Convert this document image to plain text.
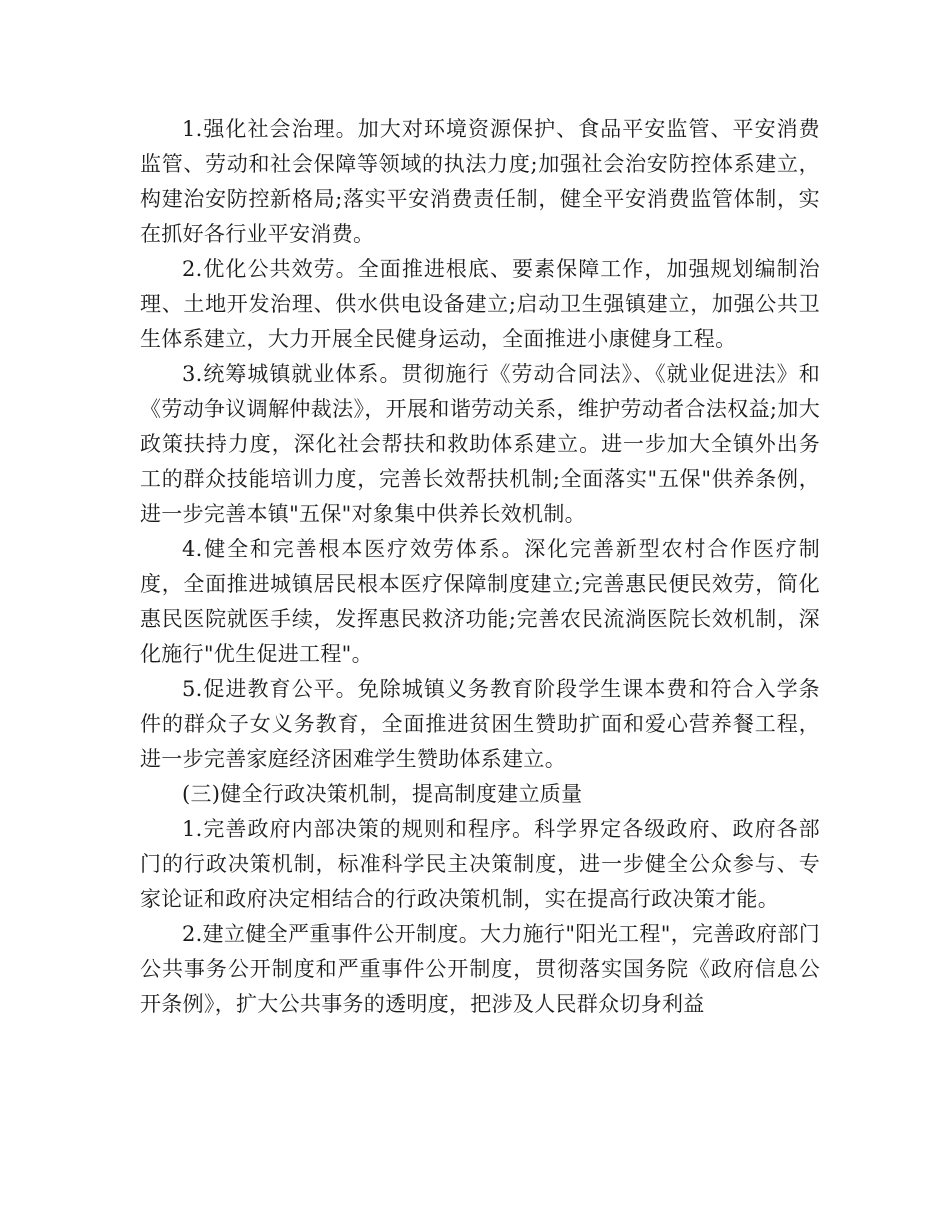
1.强化社会治理。加大对环境资源保护、食品平安监管、平安消费监管、劳动和社会保障等领域的执法力度;加强社会治安防控体系建立，构建治安防控新格局;落实平安消费责任制，健全平安消费监管体制，实在抓好各行业平安消费。

2.优化公共效劳。全面推进根底、要素保障工作，加强规划编制治理、土地开发治理、供水供电设备建立;启动卫生强镇建立，加强公共卫生体系建立，大力开展全民健身运动，全面推进小康健身工程。

3.统筹城镇就业体系。贯彻施行《劳动合同法》、《就业促进法》和《劳动争议调解仲裁法》，开展和谐劳动关系，维护劳动者合法权益;加大政策扶持力度，深化社会帮扶和救助体系建立。进一步加大全镇外出务工的群众技能培训力度，完善长效帮扶机制;全面落实"五保"供养条例，进一步完善本镇"五保"对象集中供养长效机制。

4.健全和完善根本医疗效劳体系。深化完善新型农村合作医疗制度，全面推进城镇居民根本医疗保障制度建立;完善惠民便民效劳，简化惠民医院就医手续，发挥惠民救济功能;完善农民流淌医院长效机制，深化施行"优生促进工程"。

5.促进教育公平。免除城镇义务教育阶段学生课本费和符合入学条件的群众子女义务教育，全面推进贫困生赞助扩面和爱心营养餐工程，进一步完善家庭经济困难学生赞助体系建立。

(三)健全行政决策机制，提高制度建立质量

1.完善政府内部决策的规则和程序。科学界定各级政府、政府各部门的行政决策机制，标准科学民主决策制度，进一步健全公众参与、专家论证和政府决定相结合的行政决策机制，实在提高行政决策才能。

2.建立健全严重事件公开制度。大力施行"阳光工程"，完善政府部门公共事务公开制度和严重事件公开制度，贯彻落实国务院《政府信息公开条例》，扩大公共事务的透明度，把涉及人民群众切身利益
